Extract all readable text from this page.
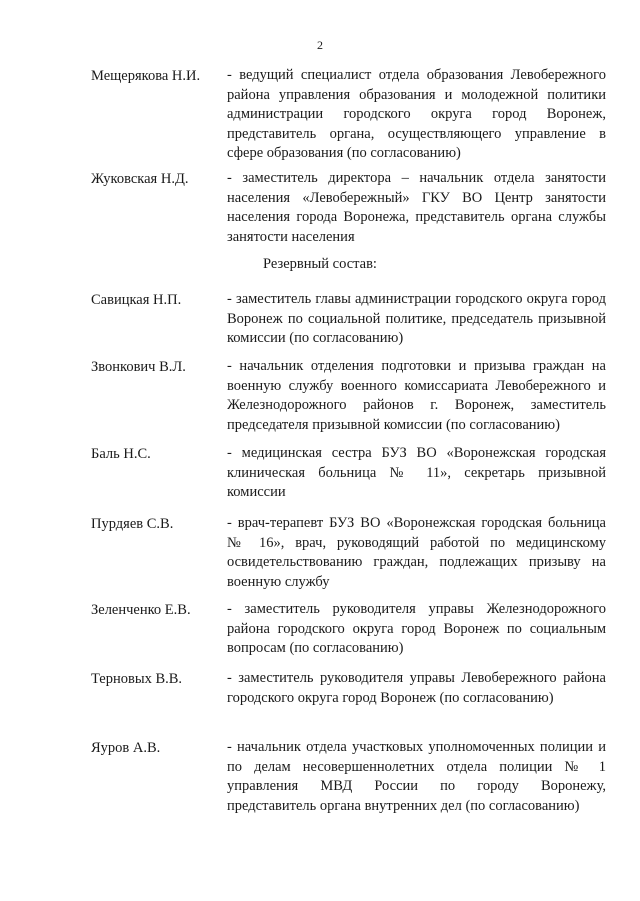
2
Мещерякова Н.И. - ведущий специалист отдела образования Левобережного района управления образования и молодежной политики администрации городского округа город Воронеж, представитель органа, осуществляющего управление в сфере образования (по согласованию)
Жуковская Н.Д.	- заместитель директора – начальник отдела занятости населения «Левобережный» ГКУ ВО Центр занятости населения города Воронежа, представитель органа службы занятости населения
Резервный состав:
Савицкая Н.П.	- заместитель главы администрации городского округа город Воронеж по социальной политике, председатель призывной комиссии (по согласованию)
Звонкович В.Л.	- начальник отделения подготовки и призыва граждан на военную службу военного комиссариата Левобережного и Железнодорожного районов г. Воронеж, заместитель председателя призывной комиссии (по согласованию)
Баль Н.С.	- медицинская сестра БУЗ ВО «Воронежская городская клиническая больница № 11», секретарь призывной комиссии
Пурдяев С.В.	- врач-терапевт БУЗ ВО «Воронежская городская больница № 16», врач, руководящий работой по медицинскому освидетельствованию граждан, подлежащих призыву на военную службу
Зеленченко Е.В.	- заместитель руководителя управы Железнодорожного района городского округа город Воронеж по социальным вопросам (по согласованию)
Терновых В.В.	- заместитель руководителя управы Левобережного района городского округа город Воронеж (по согласованию)
Яуров А.В.	- начальник отдела участковых уполномоченных полиции и по делам несовершеннолетних отдела полиции № 1 управления МВД России по городу Воронежу, представитель органа внутренних дел (по согласованию)
